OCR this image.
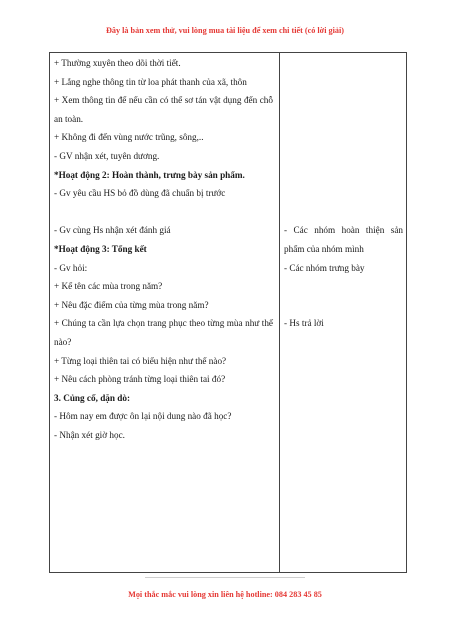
Đây là bản xem thử, vui lòng mua tài liệu để xem chi tiết (có lời giải)
+ Thường xuyên theo dõi thời tiết.
+ Lắng nghe thông tin từ loa phát thanh của xã, thôn
+ Xem thông tin để nếu cần có thể sơ tán vật dụng đến chỗ an toàn.
+ Không đi đến vùng nước trũng, sông,..
- GV nhận xét, tuyên dương.
*Hoạt động 2: Hoàn thành, trưng bày sản phẩm.
- Gv yêu cầu HS bỏ đồ dùng đã chuẩn bị trước
- Gv cùng Hs nhận xét đánh giá
*Hoạt động 3: Tổng kết
- Gv hỏi:
+ Kể tên các mùa trong năm?
+ Nêu đặc điểm của từng mùa trong năm?
+ Chúng ta cần lựa chọn trang phục theo từng mùa như thế nào?
+ Từng loại thiên tai có biểu hiện như thế nào?
+ Nêu cách phòng tránh từng loại thiên tai đó?
3. Củng cố, dặn dò:
- Hôm nay em được ôn lại nội dung nào đã học?
- Nhận xét giờ học.
- Các nhóm hoàn thiện sản phẩm của nhóm mình
- Các nhóm trưng bày
- Hs trả lời
Mọi thắc mắc vui lòng xin liên hệ hotline: 084 283 45 85
